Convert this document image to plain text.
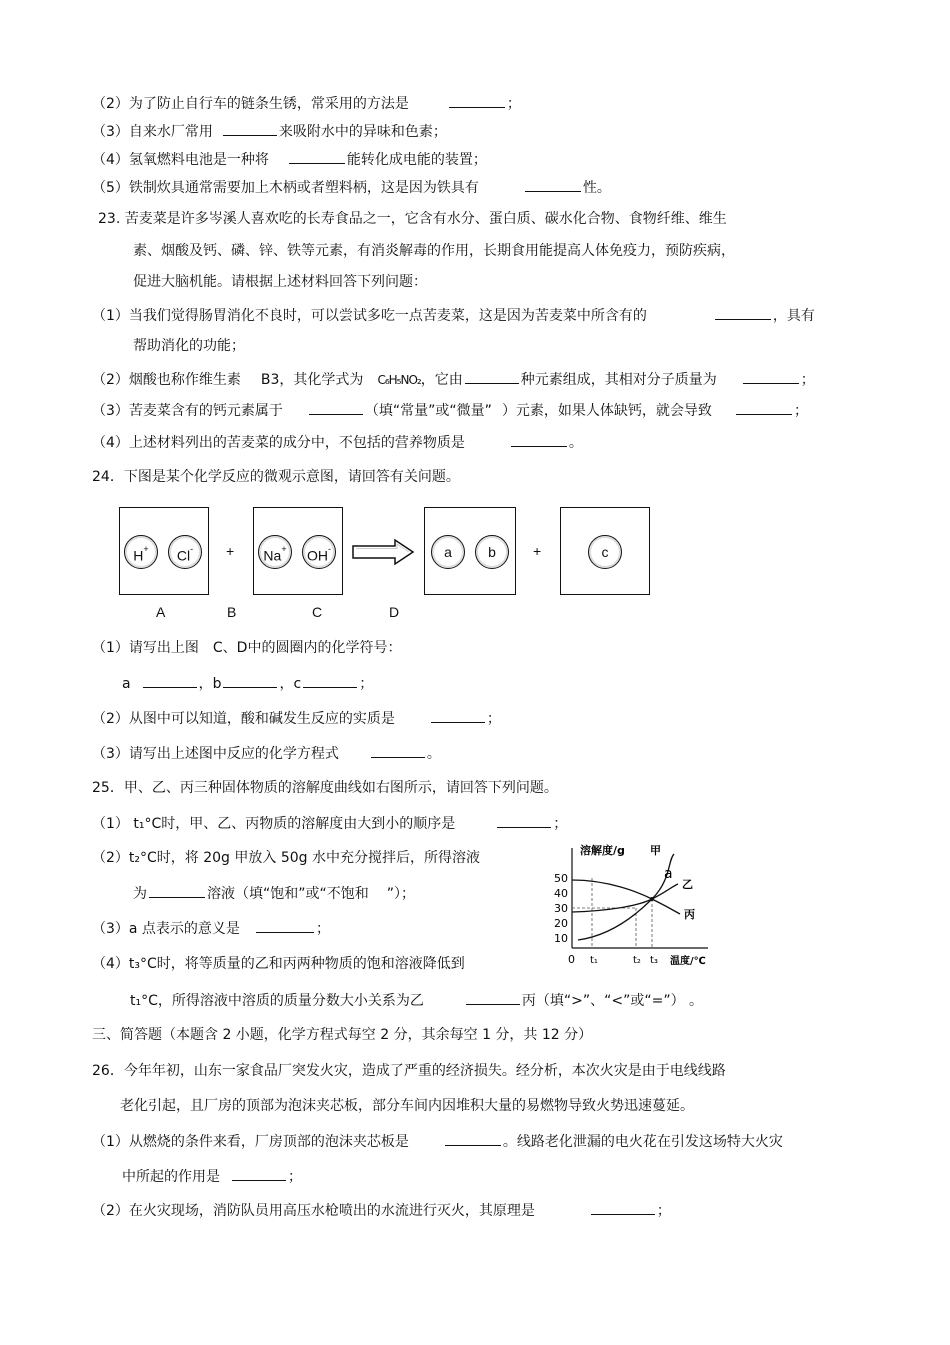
（2）为了防止自行车的链条生锈，常采用的方法是	；
（3）自来水厂常用	来吸附水中的异味和色素；
（4）氢氧燃料电池是一种将	能转化成电能的装置；
（5）铁制炊具通常需要加上木柄或者塑料柄，这是因为铁具有	性。
23. 苦麦菜是许多岑溪人喜欢吃的长寿食品之一，它含有水分、蛋白质、碳水化合物、食物纤维、维生
素、烟酸及钙、磷、锌、铁等元素，有消炎解毒的作用，长期食用能提高人体免疫力，预防疾病，
促进大脑机能。请根据上述材料回答下列问题：
（1）当我们觉得肠胃消化不良时，可以尝试多吃一点苦麦菜，这是因为苦麦菜中所含有的	，具有
帮助消化的功能；
（2）烟酸也称作维生素 B3，其化学式为 C₆H₅NO₂，它由	种元素组成，其相对分子质量为	；
（3）苦麦菜含有的钙元素属于	（填“常量”或“微量” ）元素，如果人体缺钙，就会导致	；
（4）上述材料列出的苦麦菜的成分中，不包括的营养物质是	。
24．下图是某个化学反应的微观示意图，请回答有关问题。
H+	Cl-	+	Na+	OH-	a	b	+	c
A	B	C	D
（1）请写出上图　C、D中的圆圈内的化学符号：
a	，b	，c	；
（2）从图中可以知道，酸和碱发生反应的实质是	；
（3）请写出上述图中反应的化学方程式	。
25．甲、乙、丙三种固体物质的溶解度曲线如右图所示，请回答下列问题。
（1） t₁°C时，甲、乙、丙物质的溶解度由大到小的顺序是	；
（2）t₂°C时，将 20g 甲放入 50g 水中充分搅拌后，所得溶液
为	溶液（填“饱和”或“不饱和 ”）；
（3）a 点表示的意义是	；
（4）t₃°C时，将等质量的乙和丙两种物质的饱和溶液降低到
t₁°C，所得溶液中溶质的质量分数大小关系为乙	丙（填“>”、“<”或“=”） 。
溶解度/g
50
40
30
20
10
0 t₁	t₂ t₃ 温度/℃
甲
乙
丙
a
三、简答题（本题含 2 小题，化学方程式每空 2 分，其余每空 1 分，共 12 分）
26．今年年初，山东一家食品厂突发火灾，造成了严重的经济损失。经分析，本次火灾是由于电线线路
老化引起，且厂房的顶部为泡沫夹芯板，部分车间内因堆积大量的易燃物导致火势迅速蔓延。
（1）从燃烧的条件来看，厂房顶部的泡沫夹芯板是	。线路老化泄漏的电火花在引发这场特大火灾
中所起的作用是	；
（2）在火灾现场，消防队员用高压水枪喷出的水流进行灭火，其原理是	；
